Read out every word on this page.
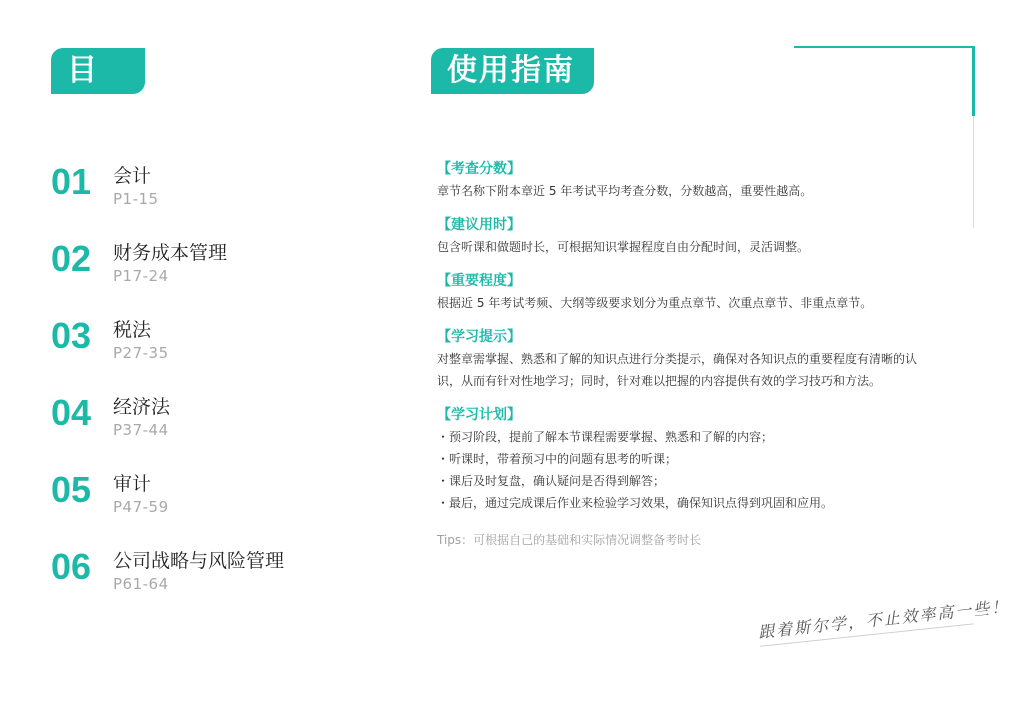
目录
使用指南
01 会计
P1-15
02 财务成本管理
P17-24
03 税法
P27-35
04 经济法
P37-44
05 审计
P47-59
06 公司战略与风险管理
P61-64
【考查分数】
章节名称下附本章近 5 年考试平均考查分数，分数越高，重要性越高。
【建议用时】
包含听课和做题时长，可根据知识掌握程度自由分配时间，灵活调整。
【重要程度】
根据近 5 年考试考频、大纲等级要求划分为重点章节、次重点章节、非重点章节。
【学习提示】
对整章需掌握、熟悉和了解的知识点进行分类提示，确保对各知识点的重要程度有清晰的认识，从而有针对性地学习；同时，针对难以把握的内容提供有效的学习技巧和方法。
【学习计划】
・预习阶段，提前了解本节课程需要掌握、熟悉和了解的内容；
・听课时，带着预习中的问题有思考的听课；
・课后及时复盘，确认疑问是否得到解答；
・最后，通过完成课后作业来检验学习效果，确保知识点得到巩固和应用。
Tips：可根据自己的基础和实际情况调整备考时长
跟着斯尔学，不止效率高一些！
